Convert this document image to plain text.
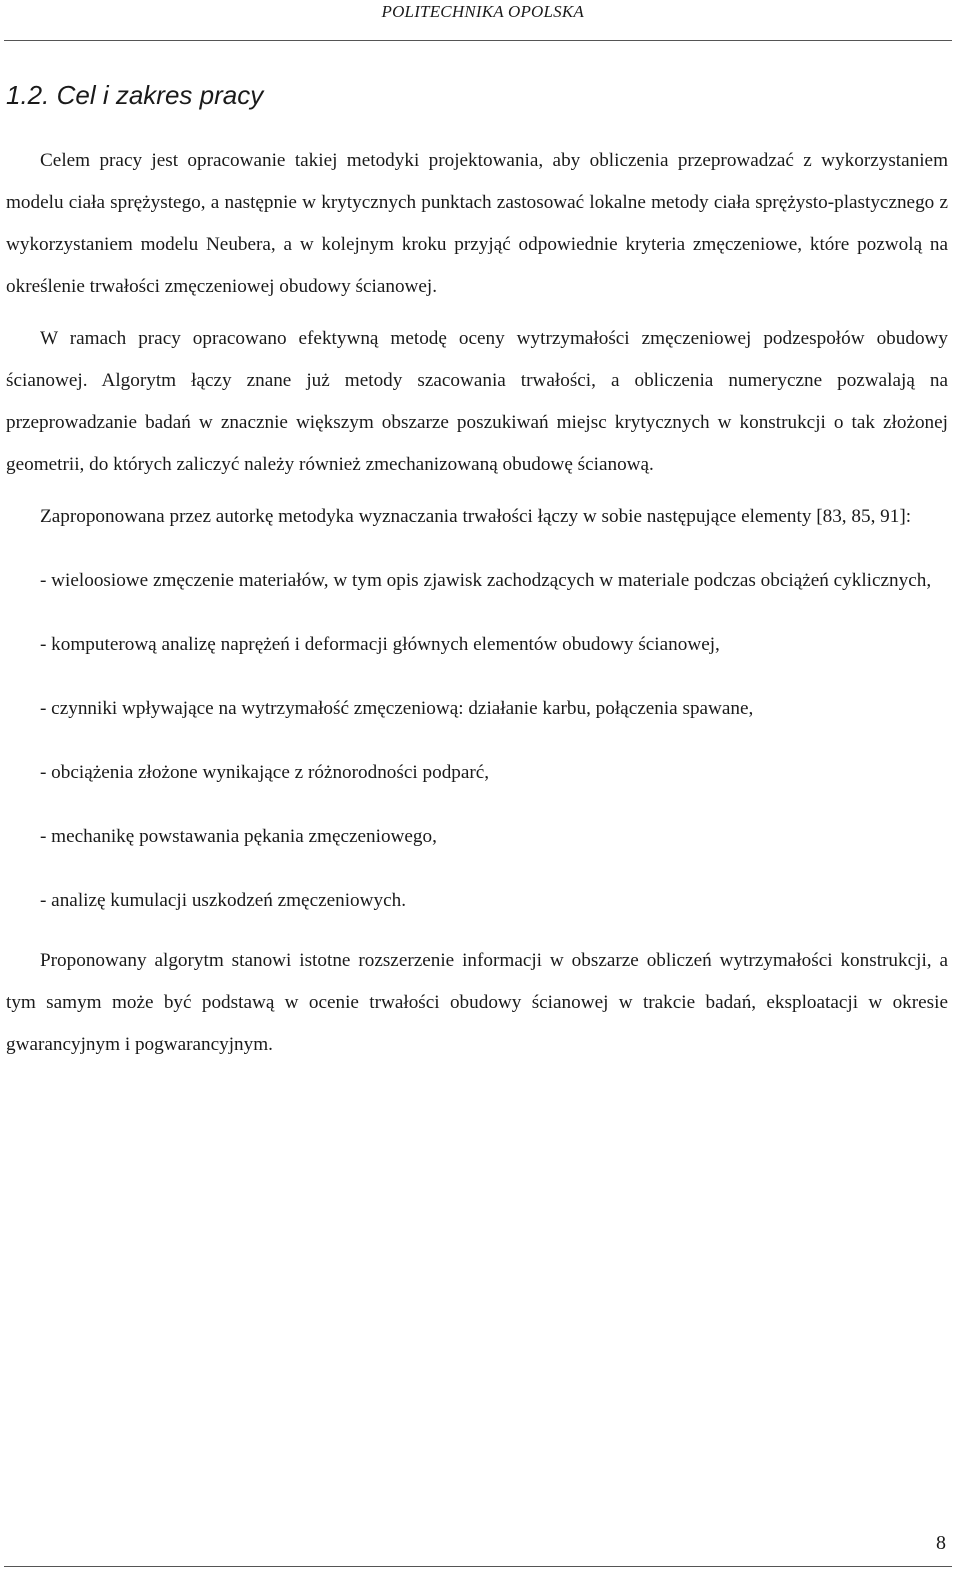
POLITECHNIKA OPOLSKA
1.2. Cel i zakres pracy

Celem pracy jest opracowanie takiej metodyki projektowania, aby obliczenia przeprowadzać z wykorzystaniem modelu ciała sprężystego, a następnie w krytycznych punktach zastosować lokalne metody ciała sprężysto-plastycznego z wykorzystaniem modelu Neubera, a w kolejnym kroku przyjąć odpowiednie kryteria zmęczeniowe, które pozwolą na określenie trwałości zmęczeniowej obudowy ścianowej.

W ramach pracy opracowano efektywną metodę oceny wytrzymałości zmęczeniowej podzespołów obudowy ścianowej. Algorytm łączy znane już metody szacowania trwałości, a obliczenia numeryczne pozwalają na przeprowadzanie badań w znacznie większym obszarze poszukiwań miejsc krytycznych w konstrukcji o tak złożonej geometrii, do których zaliczyć należy również zmechanizowaną obudowę ścianową.

Zaproponowana przez autorkę metodyka wyznaczania trwałości łączy w sobie następujące elementy [83, 85, 91]:

- wieloosiowe zmęczenie materiałów, w tym opis zjawisk zachodzących w materiale podczas obciążeń cyklicznych,

- komputerową analizę naprężeń i deformacji głównych elementów obudowy ścianowej,

- czynniki wpływające na wytrzymałość zmęczeniową: działanie karbu, połączenia spawane,

- obciążenia złożone wynikające z różnorodności podparć,

- mechanikę powstawania pękania zmęczeniowego,

- analizę kumulacji uszkodzeń zmęczeniowych.

Proponowany algorytm stanowi istotne rozszerzenie informacji w obszarze obliczeń wytrzymałości konstrukcji, a tym samym może być podstawą w ocenie trwałości obudowy ścianowej w trakcie badań, eksploatacji w okresie gwarancyjnym i pogwarancyjnym.

8
